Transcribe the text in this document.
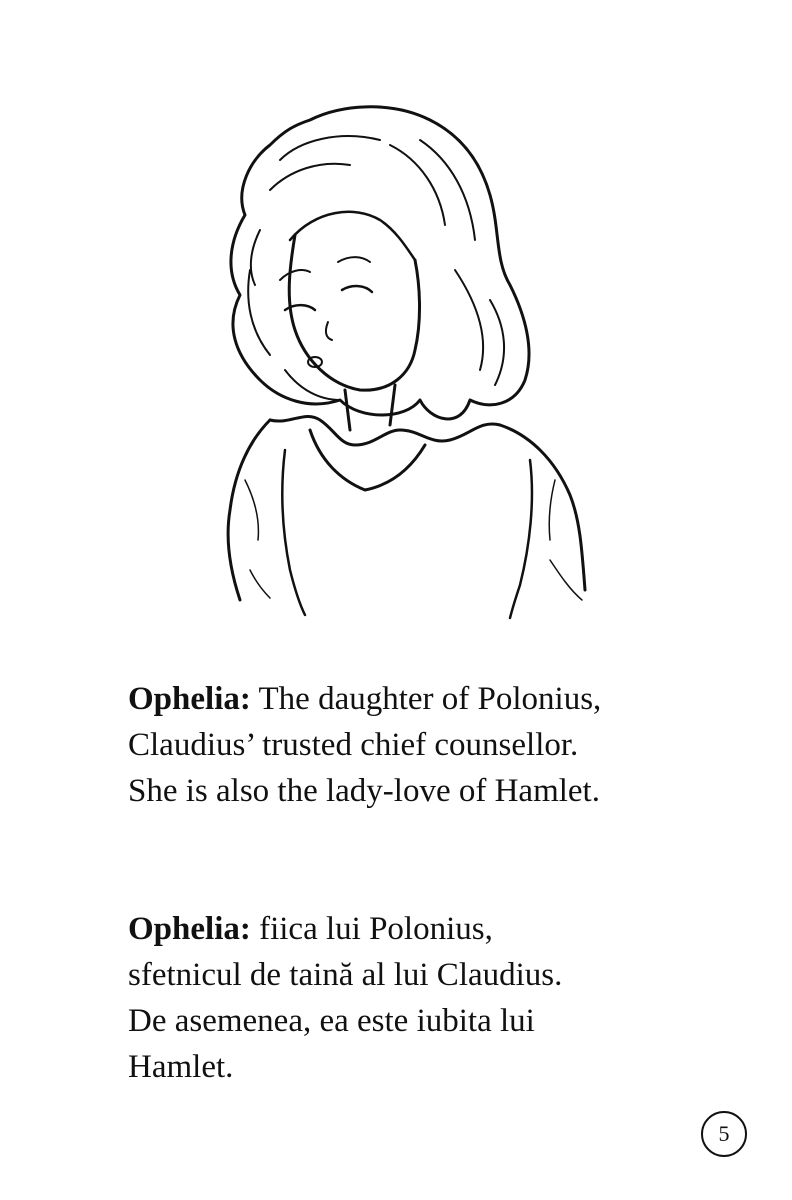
Ophelia: The daughter of Polonius,
Claudius’ trusted chief counsellor.
She is also the lady-love of Hamlet.
Ophelia: fiica lui Polonius,
sfetnicul de taină al lui Claudius.
De asemenea, ea este iubita lui
Hamlet.
5
